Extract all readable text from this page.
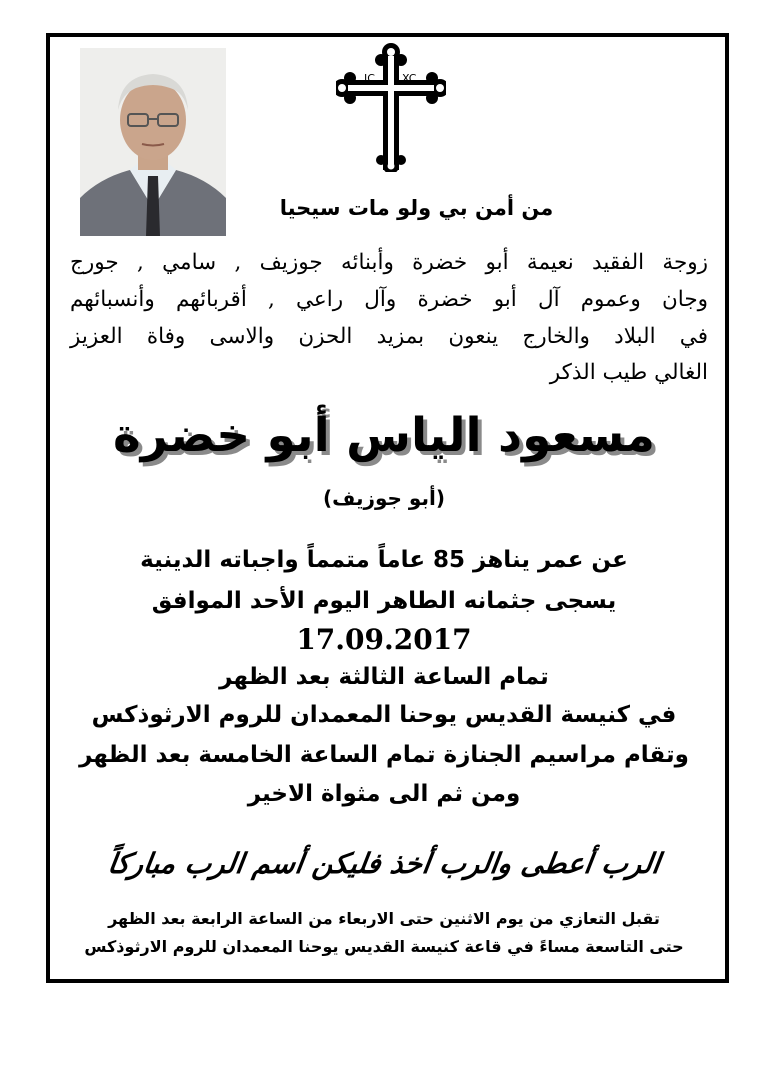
IC XC
من أمن بي ولو مات سيحيا
زوجة الفقيد نعيمة أبو خضرة وأبنائه جوزيف , سامي , جورج
وجان وعموم آل أبو خضرة وآل راعي , أقربائهم وأنسبائهم
في البلاد والخارج ينعون بمزيد الحزن والاسى وفاة العزيز
الغالي طيب الذكر
مسعود الياس أبو خضرة
(أبو جوزيف)
عن عمر يناهز 85 عاماً متمماً واجباته الدينية
يسجى جثمانه الطاهر اليوم الأحد الموافق
17.09.2017
تمام الساعة الثالثة بعد الظهر
في كنيسة القديس يوحنا المعمدان للروم الارثوذكس
وتقام مراسيم الجنازة تمام الساعة الخامسة بعد الظهر
ومن ثم الى مثواة الاخير
الرب أعطى والرب أخذ فليكن أسم الرب مباركاً
تقبل التعازي من يوم الاثنين حتى الاربعاء من الساعة الرابعة بعد الظهر
حتى التاسعة مساءً في قاعة كنيسة القديس يوحنا المعمدان للروم الارثوذكس
